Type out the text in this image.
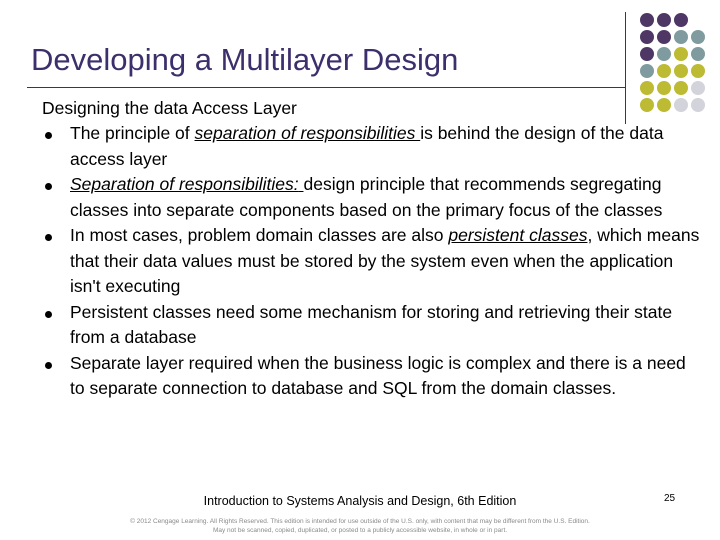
Developing a Multilayer Design
Designing the data Access Layer
The principle of separation of responsibilities is behind the design of the data access layer
Separation of responsibilities: design principle that recommends segregating classes into separate components based on the primary focus of the classes
In most cases, problem domain classes are also persistent classes, which means that their data values must be stored by the system even when the application isn't executing
Persistent classes need some mechanism for storing and retrieving their state from a database
Separate layer required when the business logic is complex and there is a need to separate connection to database and SQL from the domain classes.
Introduction to Systems Analysis and Design, 6th Edition	25
© 2012 Cengage Learning. All Rights Reserved. This edition is intended for use outside of the U.S. only, with content that may be different from the U.S. Edition.
May not be scanned, copied, duplicated, or posted to a publicly accessible website, in whole or in part.
